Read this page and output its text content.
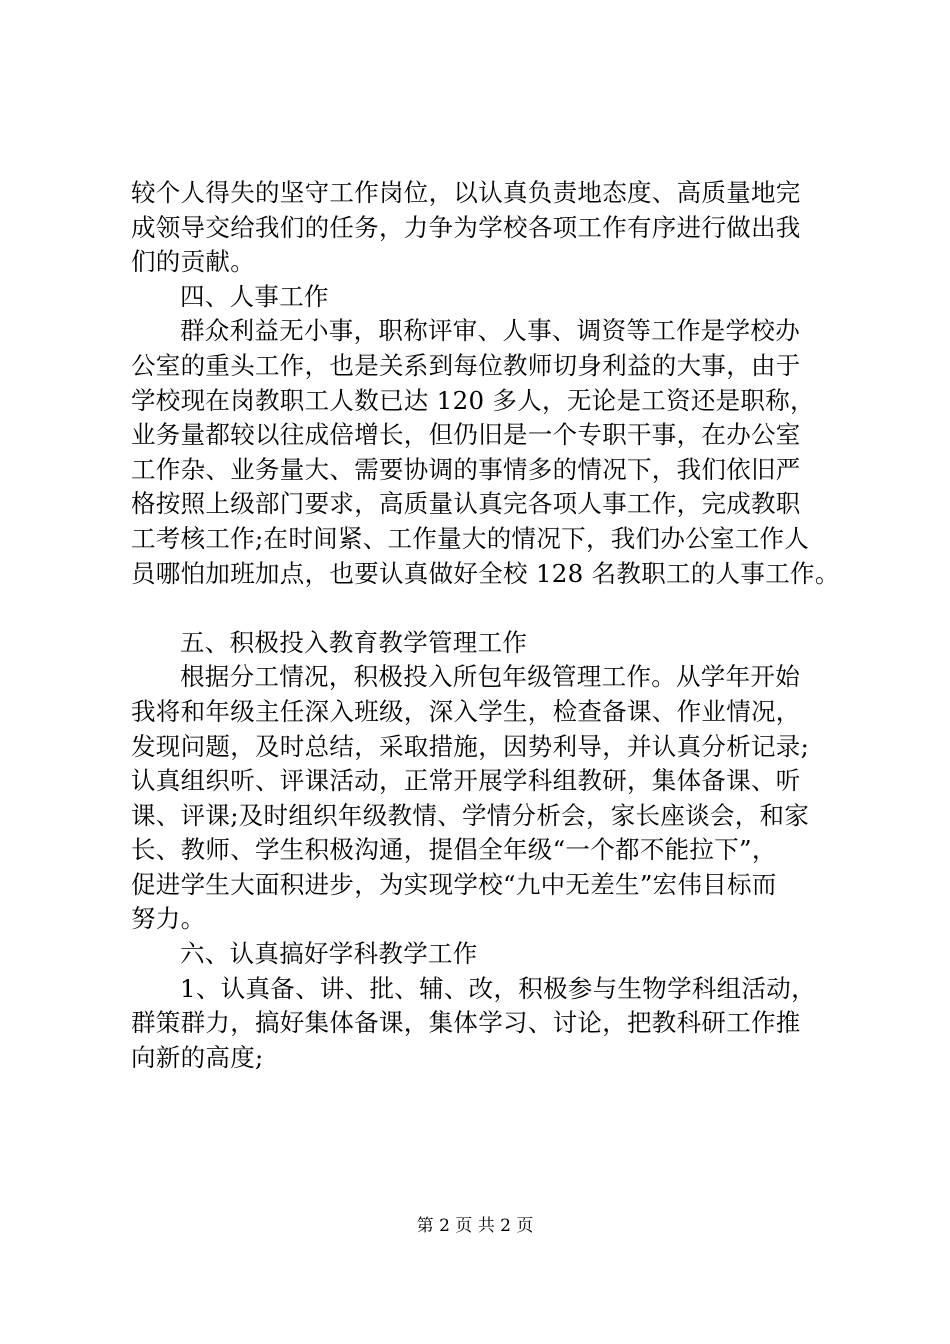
较个人得失的坚守工作岗位，以认真负责地态度、高质量地完
成领导交给我们的任务，力争为学校各项工作有序进行做出我
们的贡献。
四、人事工作
群众利益无小事，职称评审、人事、调资等工作是学校办
公室的重头工作，也是关系到每位教师切身利益的大事，由于
学校现在岗教职工人数已达 120 多人，无论是工资还是职称，
业务量都较以往成倍增长，但仍旧是一个专职干事，在办公室
工作杂、业务量大、需要协调的事情多的情况下，我们依旧严
格按照上级部门要求，高质量认真完各项人事工作，完成教职
工考核工作;在时间紧、工作量大的情况下，我们办公室工作人
员哪怕加班加点，也要认真做好全校 128 名教职工的人事工作。
五、积极投入教育教学管理工作
根据分工情况，积极投入所包年级管理工作。从学年开始
我将和年级主任深入班级，深入学生，检查备课、作业情况，
发现问题，及时总结，采取措施，因势利导，并认真分析记录;
认真组织听、评课活动，正常开展学科组教研，集体备课、听
课、评课;及时组织年级教情、学情分析会，家长座谈会，和家
长、教师、学生积极沟通，提倡全年级“一个都不能拉下”，
促进学生大面积进步，为实现学校“九中无差生”宏伟目标而
努力。
六、认真搞好学科教学工作
1、认真备、讲、批、辅、改，积极参与生物学科组活动，
群策群力，搞好集体备课，集体学习、讨论，把教科研工作推
向新的高度;
第 2 页 共 2 页
